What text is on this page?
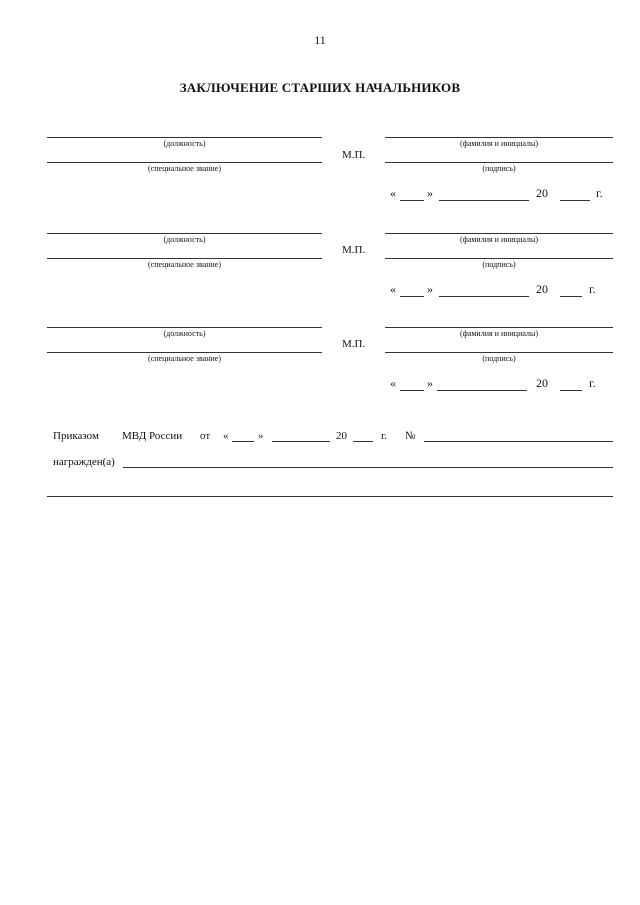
11
ЗАКЛЮЧЕНИЕ СТАРШИХ НАЧАЛЬНИКОВ
(должность)
(специальное звание)
М.П.
(фамилия и инициалы)
(подпись)
«	»	20	г.
(должность)
(специальное звание)
М.П.
(фамилия и инициалы)
(подпись)
«	»	20	г.
(должность)
(специальное звание)
М.П.
(фамилия и инициалы)
(подпись)
«	»	20	г.
Приказом МВД России от «	»	20	г. №
награжден(а)
